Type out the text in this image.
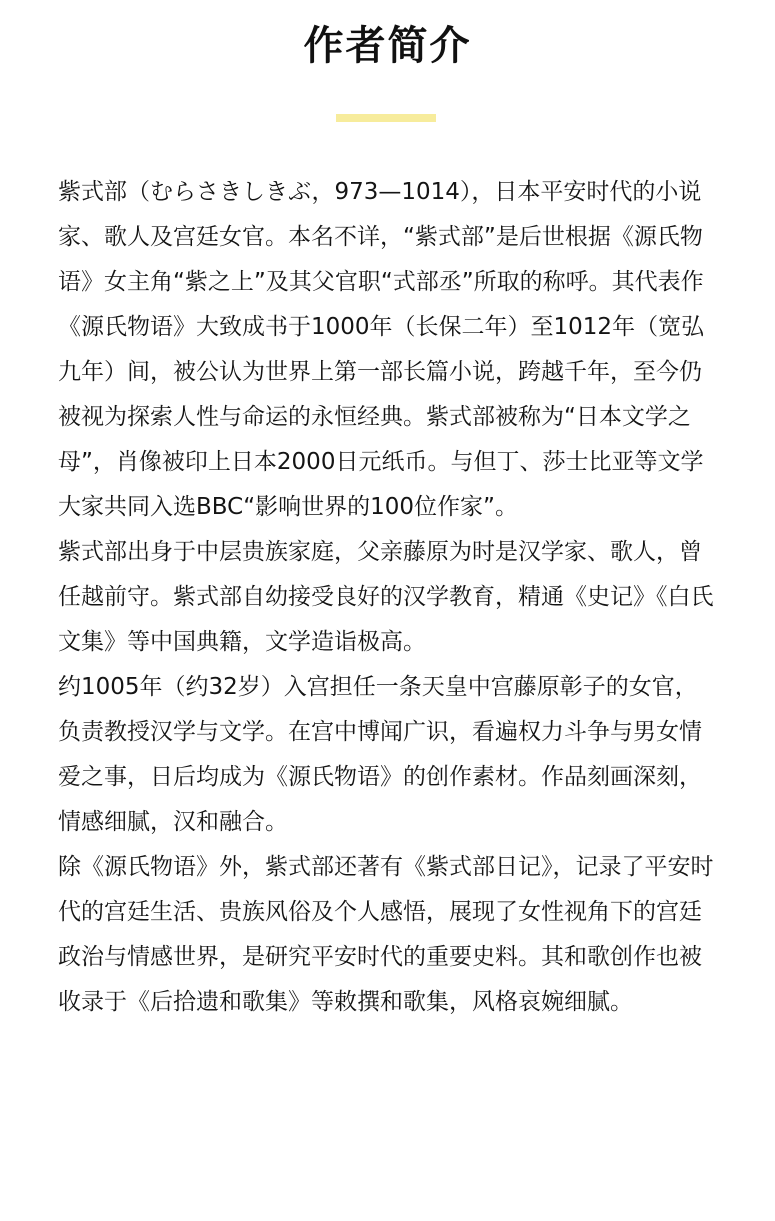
作者简介

紫式部（むらさきしきぶ，973—1014），日本平安时代的小说家、歌人及宫廷女官。本名不详，“紫式部”是后世根据《源氏物语》女主角“紫之上”及其父官职“式部丞”所取的称呼。其代表作《源氏物语》大致成书于1000年（长保二年）至1012年（宽弘九年）间，被公认为世界上第一部长篇小说，跨越千年，至今仍被视为探索人性与命运的永恒经典。紫式部被称为“日本文学之母”，肖像被印上日本2000日元纸币。与但丁、莎士比亚等文学大家共同入选BBC“影响世界的100位作家”。

紫式部出身于中层贵族家庭，父亲藤原为时是汉学家、歌人，曾任越前守。紫式部自幼接受良好的汉学教育，精通《史记》《白氏文集》等中国典籍，文学造诣极高。

约1005年（约32岁）入宫担任一条天皇中宫藤原彰子的女官，负责教授汉学与文学。在宫中博闻广识，看遍权力斗争与男女情爱之事，日后均成为《源氏物语》的创作素材。作品刻画深刻，情感细腻，汉和融合。

除《源氏物语》外，紫式部还著有《紫式部日记》，记录了平安时代的宫廷生活、贵族风俗及个人感悟，展现了女性视角下的宫廷政治与情感世界，是研究平安时代的重要史料。其和歌创作也被收录于《后拾遗和歌集》等敕撰和歌集，风格哀婉细腻。
